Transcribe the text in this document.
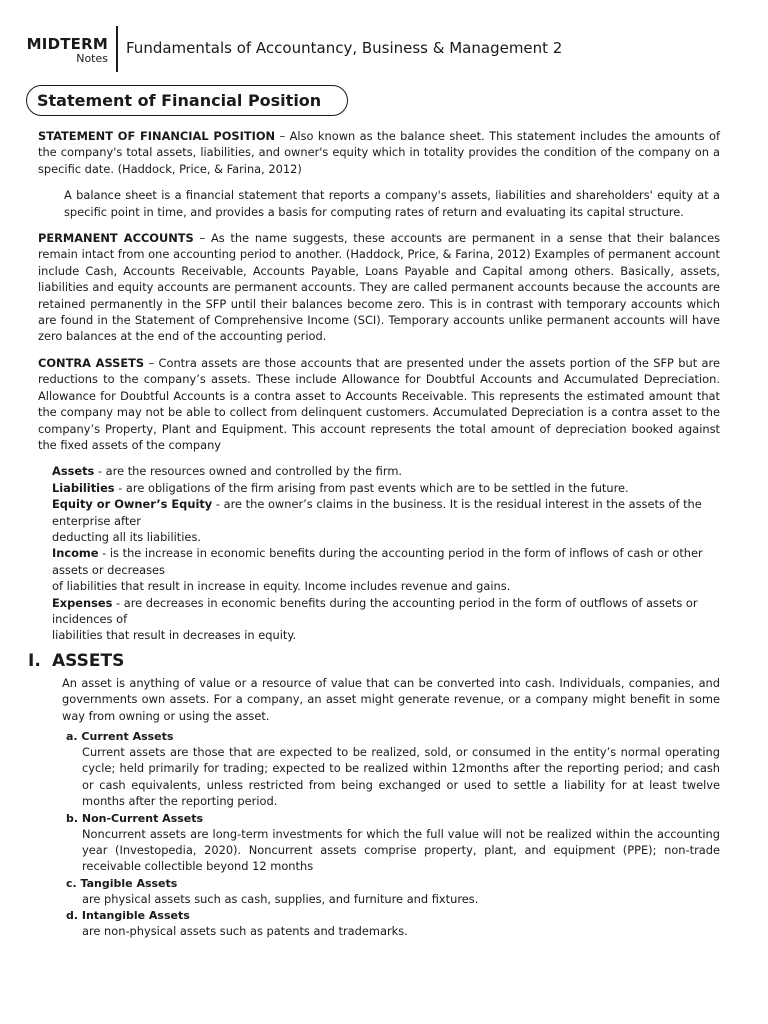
MIDTERM
Notes
Fundamentals of Accountancy, Business & Management 2
Statement of Financial Position

STATEMENT OF FINANCIAL POSITION – Also known as the balance sheet. This statement includes the amounts of the company's total assets, liabilities, and owner's equity which in totality provides the condition of the company on a specific date. (Haddock, Price, & Farina, 2012)

A balance sheet is a financial statement that reports a company's assets, liabilities and shareholders' equity at a specific point in time, and provides a basis for computing rates of return and evaluating its capital structure.

PERMANENT ACCOUNTS – As the name suggests, these accounts are permanent in a sense that their balances remain intact from one accounting period to another. (Haddock, Price, & Farina, 2012) Examples of permanent account include Cash, Accounts Receivable, Accounts Payable, Loans Payable and Capital among others. Basically, assets, liabilities and equity accounts are permanent accounts. They are called permanent accounts because the accounts are retained permanently in the SFP until their balances become zero. This is in contrast with temporary accounts which are found in the Statement of Comprehensive Income (SCI). Temporary accounts unlike permanent accounts will have zero balances at the end of the accounting period.

CONTRA ASSETS – Contra assets are those accounts that are presented under the assets portion of the SFP but are reductions to the company’s assets. These include Allowance for Doubtful Accounts and Accumulated Depreciation. Allowance for Doubtful Accounts is a contra asset to Accounts Receivable. This represents the estimated amount that the company may not be able to collect from delinquent customers. Accumulated Depreciation is a contra asset to the company’s Property, Plant and Equipment. This account represents the total amount of depreciation booked against the fixed assets of the company

Assets - are the resources owned and controlled by the firm.

Liabilities - are obligations of the firm arising from past events which are to be settled in the future.

Equity or Owner’s Equity - are the owner’s claims in the business. It is the residual interest in the assets of the enterprise after

deducting all its liabilities.

Income - is the increase in economic benefits during the accounting period in the form of inflows of cash or other assets or decreases

of liabilities that result in increase in equity. Income includes revenue and gains.

Expenses - are decreases in economic benefits during the accounting period in the form of outflows of assets or incidences of

liabilities that result in decreases in equity.

I. ASSETS

An asset is anything of value or a resource of value that can be converted into cash. Individuals, companies, and governments own assets. For a company, an asset might generate revenue, or a company might benefit in some way from owning or using the asset.

a. Current Assets
Current assets are those that are expected to be realized, sold, or consumed in the entity’s normal operating cycle; held primarily for trading; expected to be realized within 12months after the reporting period; and cash or cash equivalents, unless restricted from being exchanged or used to settle a liability for at least twelve months after the reporting period.
b. Non-Current Assets
Noncurrent assets are long-term investments for which the full value will not be realized within the accounting year (Investopedia, 2020). Noncurrent assets comprise property, plant, and equipment (PPE); non-trade receivable collectible beyond 12 months
c. Tangible Assets
are physical assets such as cash, supplies, and furniture and fixtures.
d. Intangible Assets
are non-physical assets such as patents and trademarks.
